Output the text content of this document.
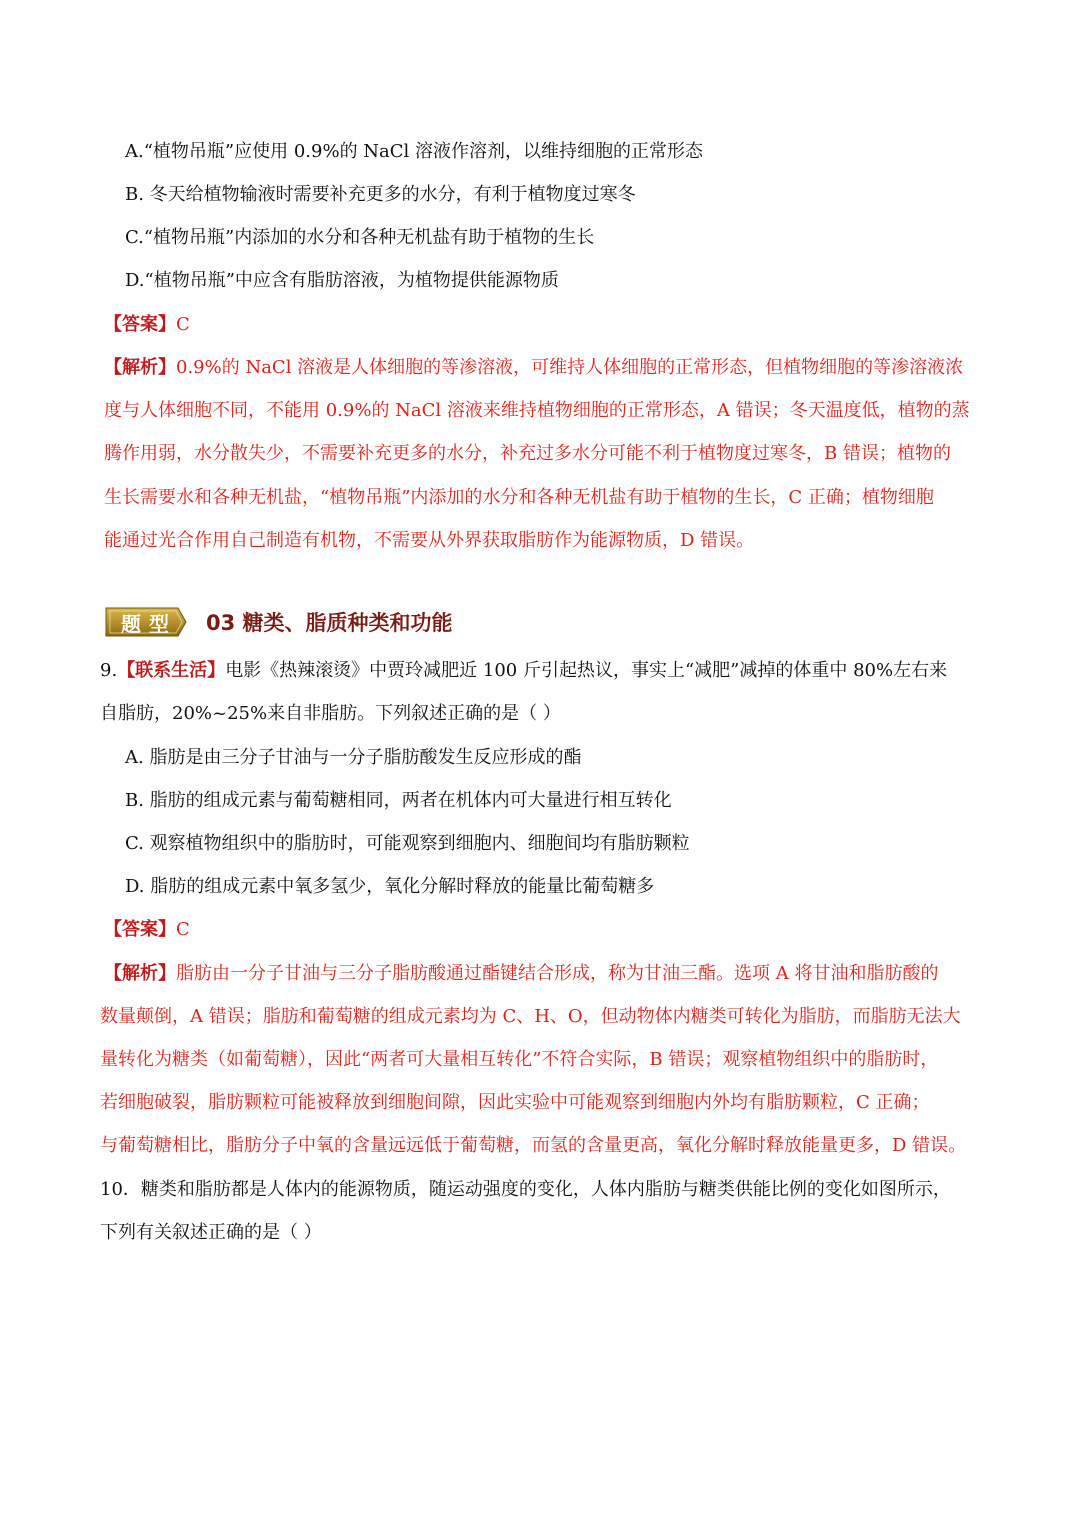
A.“植物吊瓶”应使用 0.9%的 NaCl 溶液作溶剂，以维持细胞的正常形态
B. 冬天给植物输液时需要补充更多的水分，有利于植物度过寒冬
C.“植物吊瓶”内添加的水分和各种无机盐有助于植物的生长
D.“植物吊瓶”中应含有脂肪溶液，为植物提供能源物质
【答案】C
【解析】0.9%的 NaCl 溶液是人体细胞的等渗溶液，可维持人体细胞的正常形态，但植物细胞的等渗溶液浓
度与人体细胞不同，不能用 0.9%的 NaCl 溶液来维持植物细胞的正常形态，A 错误；冬天温度低，植物的蒸
腾作用弱，水分散失少，不需要补充更多的水分，补充过多水分可能不利于植物度过寒冬，B 错误；植物的
生长需要水和各种无机盐，“植物吊瓶”内添加的水分和各种无机盐有助于植物的生长，C 正确；植物细胞
能通过光合作用自己制造有机物，不需要从外界获取脂肪作为能源物质，D 错误。
题型 03 糖类、脂质种类和功能
9.【联系生活】电影《热辣滚烫》中贾玲减肥近 100 斤引起热议，事实上“减肥”减掉的体重中 80%左右来
自脂肪，20%~25%来自非脂肪。下列叙述正确的是（ ）
A. 脂肪是由三分子甘油与一分子脂肪酸发生反应形成的酯
B. 脂肪的组成元素与葡萄糖相同，两者在机体内可大量进行相互转化
C. 观察植物组织中的脂肪时，可能观察到细胞内、细胞间均有脂肪颗粒
D. 脂肪的组成元素中氧多氢少，氧化分解时释放的能量比葡萄糖多
【答案】C
【解析】脂肪由一分子甘油与三分子脂肪酸通过酯键结合形成，称为甘油三酯。选项 A 将甘油和脂肪酸的
数量颠倒，A 错误；脂肪和葡萄糖的组成元素均为 C、H、O，但动物体内糖类可转化为脂肪，而脂肪无法大
量转化为糖类（如葡萄糖），因此“两者可大量相互转化”不符合实际，B 错误；观察植物组织中的脂肪时，
若细胞破裂，脂肪颗粒可能被释放到细胞间隙，因此实验中可能观察到细胞内外均有脂肪颗粒，C 正确；
与葡萄糖相比，脂肪分子中氧的含量远远低于葡萄糖，而氢的含量更高，氧化分解时释放能量更多，D 错误。
10．糖类和脂肪都是人体内的能源物质，随运动强度的变化，人体内脂肪与糖类供能比例的变化如图所示，
下列有关叙述正确的是（ ）
